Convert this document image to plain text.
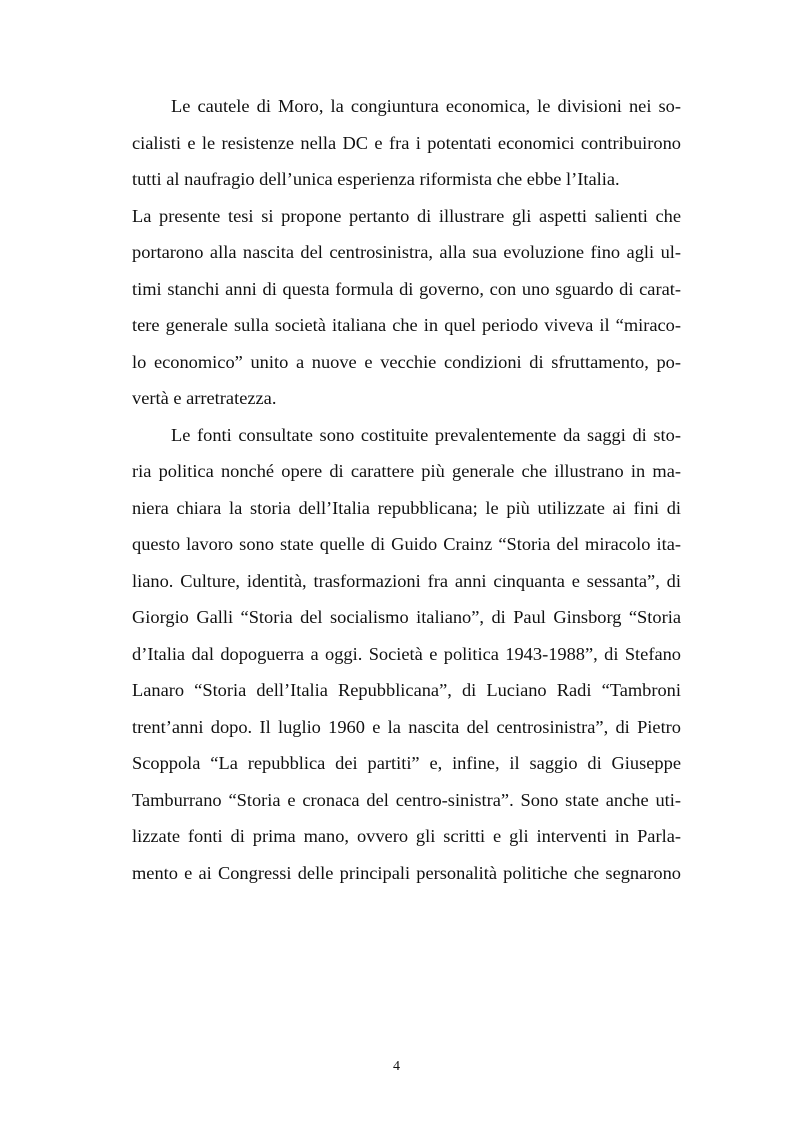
Le cautele di Moro, la congiuntura economica, le divisioni nei so-
cialisti e le resistenze nella DC e fra i potentati economici contribuirono
tutti al naufragio dell’unica esperienza riformista che ebbe l’Italia.
La presente tesi si propone pertanto di illustrare gli aspetti salienti che
portarono alla nascita del centrosinistra, alla sua evoluzione fino agli ul-
timi stanchi anni di questa formula di governo, con uno sguardo di carat-
tere generale sulla società italiana che in quel periodo viveva il “miraco-
lo economico” unito a nuove e vecchie condizioni di sfruttamento, po-
vertà e arretratezza.
Le fonti consultate sono costituite prevalentemente da saggi di sto-
ria politica nonché opere di carattere più generale che illustrano in ma-
niera chiara la storia dell’Italia repubblicana; le più utilizzate ai fini di
questo lavoro sono state quelle di Guido Crainz “Storia del miracolo ita-
liano. Culture, identità, trasformazioni fra anni cinquanta e sessanta”, di
Giorgio Galli “Storia del socialismo italiano”, di Paul Ginsborg “Storia
d’Italia dal dopoguerra a oggi. Società e politica 1943-1988”, di Stefano
Lanaro “Storia dell’Italia Repubblicana”, di Luciano Radi “Tambroni
trent’anni dopo. Il luglio 1960 e la nascita del centrosinistra”, di Pietro
Scoppola “La repubblica dei partiti” e, infine, il saggio di Giuseppe
Tamburrano “Storia e cronaca del centro-sinistra”. Sono state anche uti-
lizzate fonti di prima mano, ovvero gli scritti e gli interventi in Parla-
mento e ai Congressi delle principali personalità politiche che segnarono
4
